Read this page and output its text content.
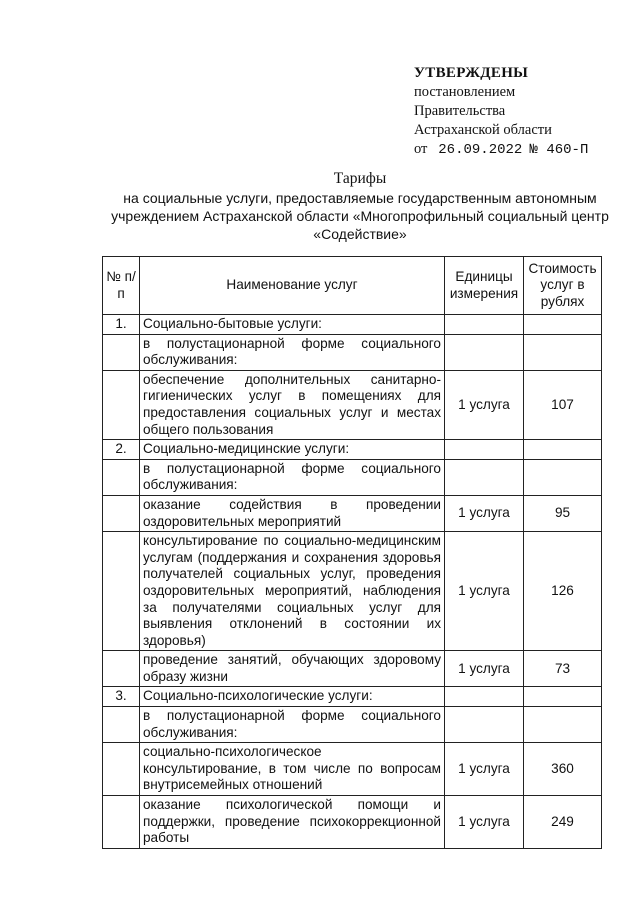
УТВЕРЖДЕНЫ
постановлением
Правительства
Астраханской области
от 26.09.2022 № 460-П
Тарифы
на социальные услуги, предоставляемые государственным автономным учреждением Астраханской области «Многопрофильный социальный центр «Содействие»
№ п/п	Наименование услуг	Единицы измерения	Стоимость услуг в рублях
1.	Социально-бытовые услуги:		
	в полустационарной форме социального обслуживания:		
	обеспечение дополнительных санитарно-гигиенических услуг в помещениях для предоставления социальных услуг и местах общего пользования	1 услуга	107
2.	Социально-медицинские услуги:		
	в полустационарной форме социального обслуживания:		
	оказание содействия в проведении оздоровительных мероприятий	1 услуга	95
	консультирование по социально-медицинским услугам (поддержания и сохранения здоровья получателей социальных услуг, проведения оздоровительных мероприятий, наблюдения за получателями социальных услуг для выявления отклонений в состоянии их здоровья)	1 услуга	126
	проведение занятий, обучающих здоровому образу жизни	1 услуга	73
3.	Социально-психологические услуги:		
	в полустационарной форме социального обслуживания:		
	социально-психологическое консультирование, в том числе по вопросам внутрисемейных отношений	1 услуга	360
	оказание психологической помощи и поддержки, проведение психокоррекционной работы	1 услуга	249
